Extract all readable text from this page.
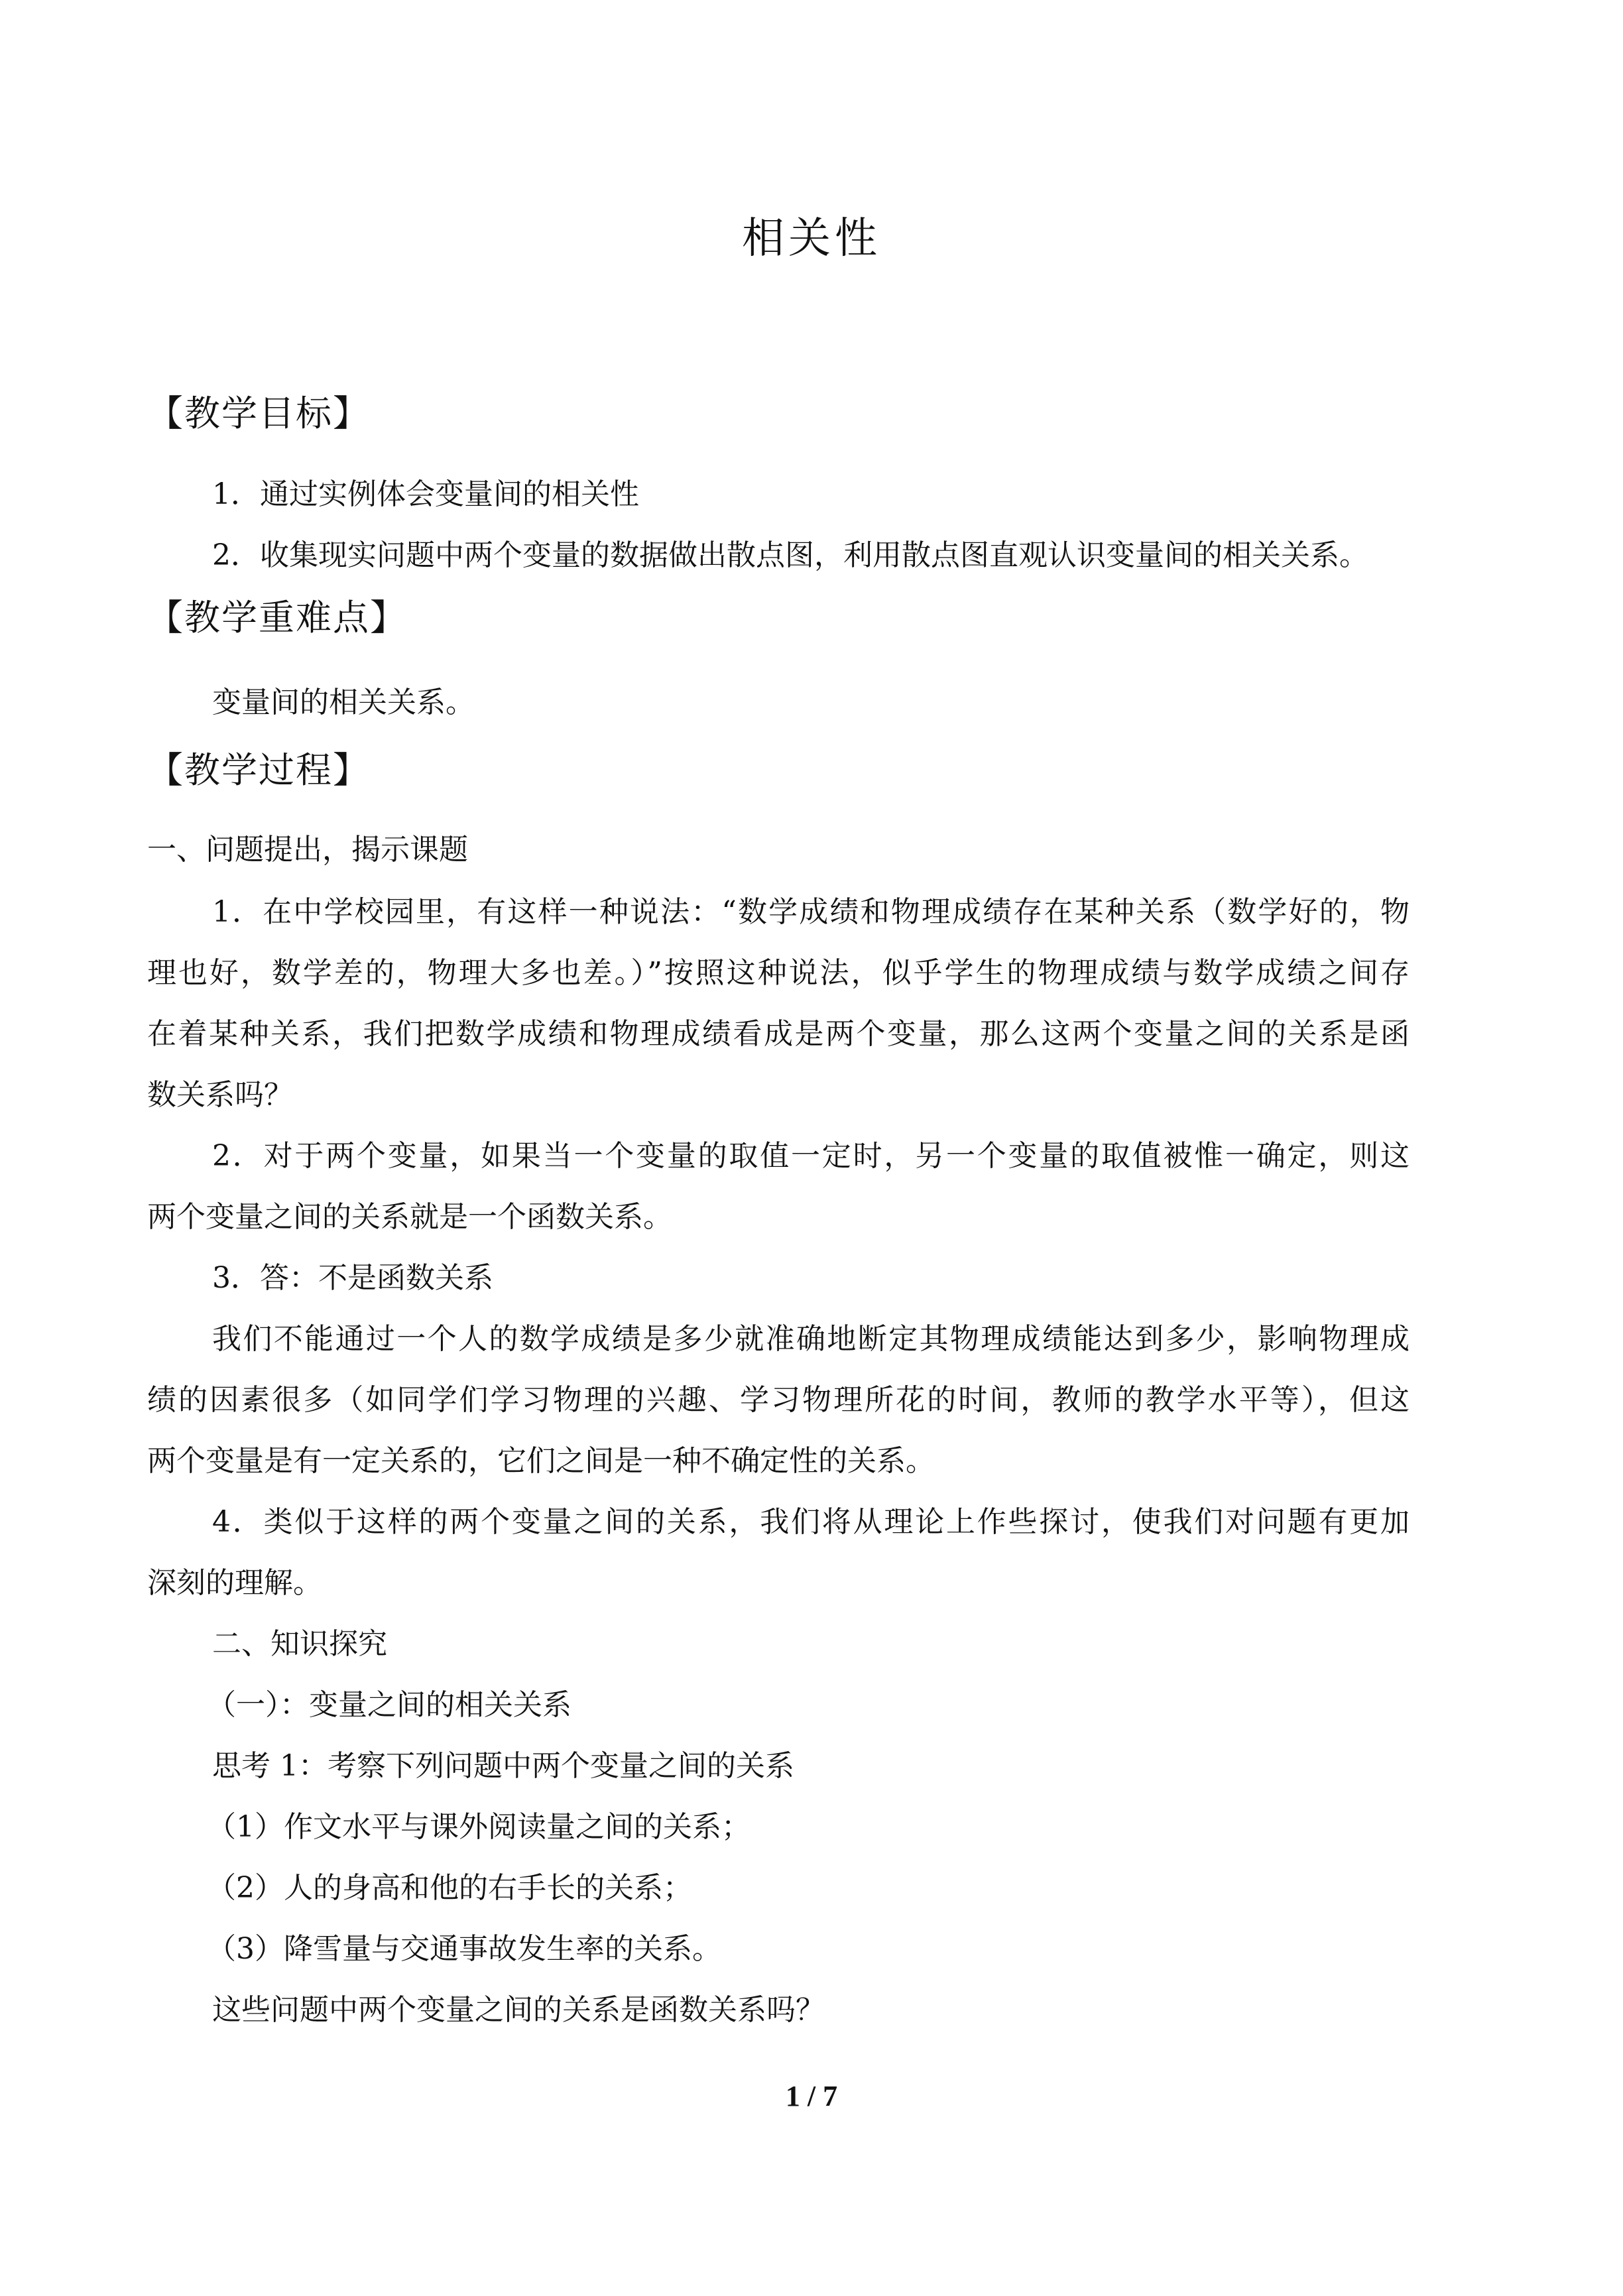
相关性
【教学目标】
1．通过实例体会变量间的相关性
2．收集现实问题中两个变量的数据做出散点图，利用散点图直观认识变量间的相关关系。
【教学重难点】
变量间的相关关系。
【教学过程】
一、问题提出，揭示课题
1．在中学校园里，有这样一种说法：“数学成绩和物理成绩存在某种关系（数学好的，物
理也好，数学差的，物理大多也差。）”按照这种说法，似乎学生的物理成绩与数学成绩之间存
在着某种关系，我们把数学成绩和物理成绩看成是两个变量，那么这两个变量之间的关系是函
数关系吗？
2．对于两个变量，如果当一个变量的取值一定时，另一个变量的取值被惟一确定，则这
两个变量之间的关系就是一个函数关系。
3．答：不是函数关系
我们不能通过一个人的数学成绩是多少就准确地断定其物理成绩能达到多少，影响物理成
绩的因素很多（如同学们学习物理的兴趣、学习物理所花的时间，教师的教学水平等），但这
两个变量是有一定关系的，它们之间是一种不确定性的关系。
4．类似于这样的两个变量之间的关系，我们将从理论上作些探讨，使我们对问题有更加
深刻的理解。
二、知识探究
（一）：变量之间的相关关系
思考 1：考察下列问题中两个变量之间的关系
（1）作文水平与课外阅读量之间的关系；
（2）人的身高和他的右手长的关系；
（3）降雪量与交通事故发生率的关系。
这些问题中两个变量之间的关系是函数关系吗？
1 / 7
